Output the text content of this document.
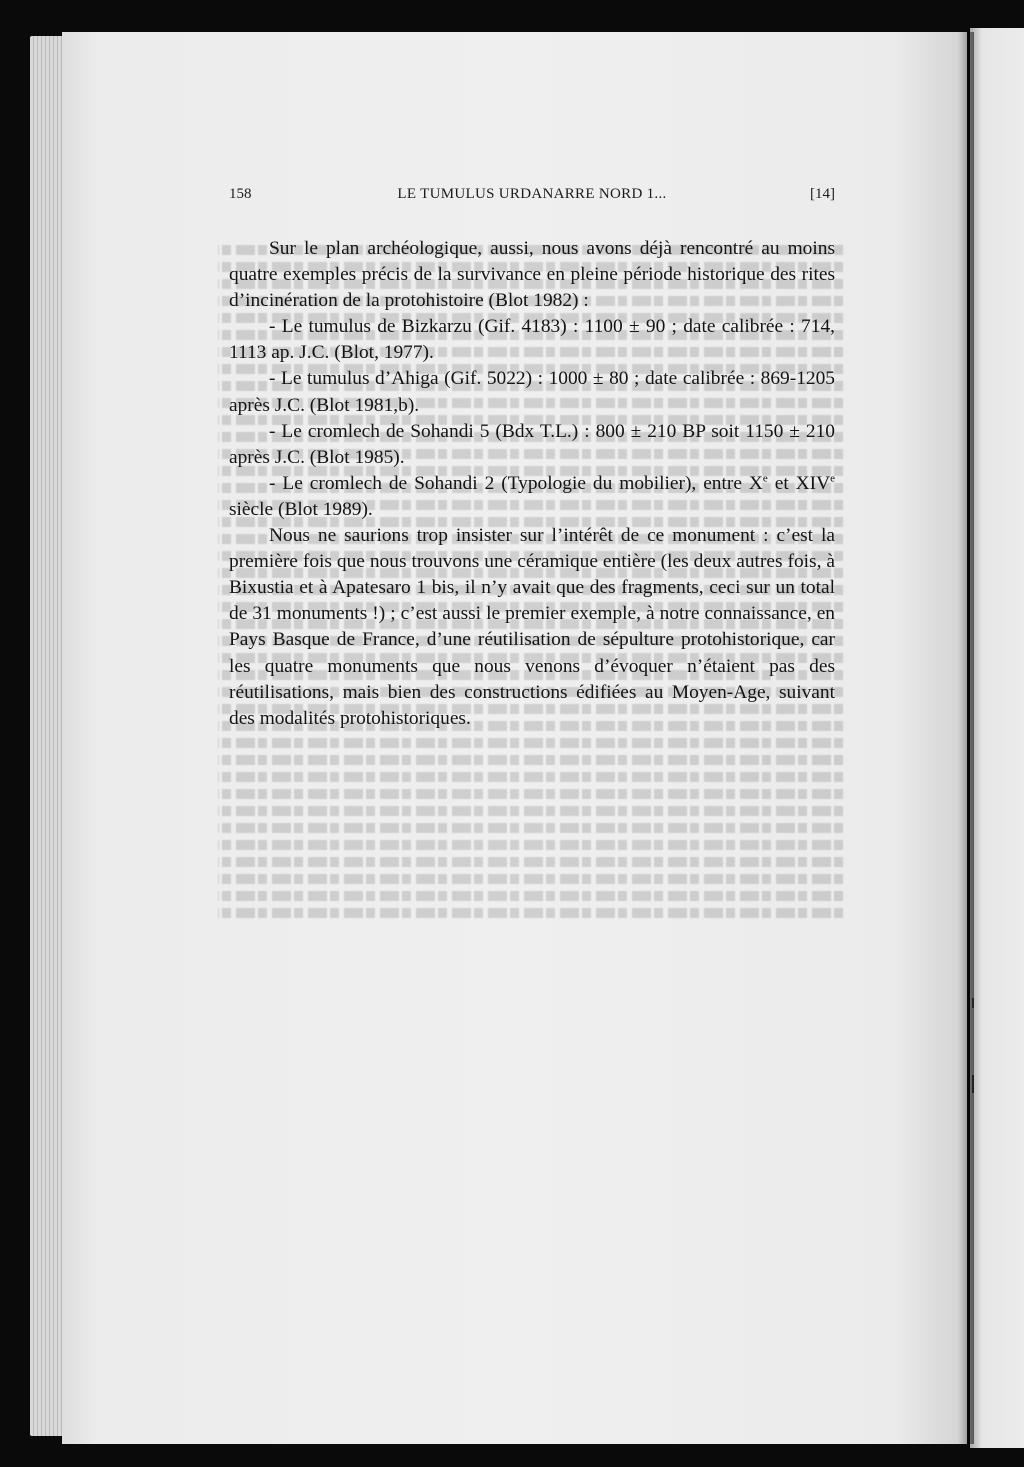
158	LE TUMULUS URDANARRE NORD 1...	[14]

Sur le plan archéologique, aussi, nous avons déjà rencontré au moins quatre exemples précis de la survivance en pleine période historique des rites d’incinération de la protohistoire (Blot 1982) :

- Le tumulus de Bizkarzu (Gif. 4183) : 1100 ± 90 ; date calibrée : 714, 1113 ap. J.C. (Blot, 1977).

- Le tumulus d’Ahiga (Gif. 5022) : 1000 ± 80 ; date calibrée : 869-1205 après J.C. (Blot 1981,b).

- Le cromlech de Sohandi 5 (Bdx T.L.) : 800 ± 210 BP soit 1150 ± 210 après J.C. (Blot 1985).

- Le cromlech de Sohandi 2 (Typologie du mobilier), entre Xe et XIVe siècle (Blot 1989).

Nous ne saurions trop insister sur l’intérêt de ce monument : c’est la première fois que nous trouvons une céramique entière (les deux autres fois, à Bixustia et à Apatesaro 1 bis, il n’y avait que des fragments, ceci sur un total de 31 monuments !) ; c’est aussi le premier exemple, à notre connaissance, en Pays Basque de France, d’une réutilisation de sépulture protohistorique, car les quatre monuments que nous venons d’évoquer n’étaient pas des réutilisations, mais bien des constructions édifiées au Moyen-Age, suivant des modalités protohistoriques.
